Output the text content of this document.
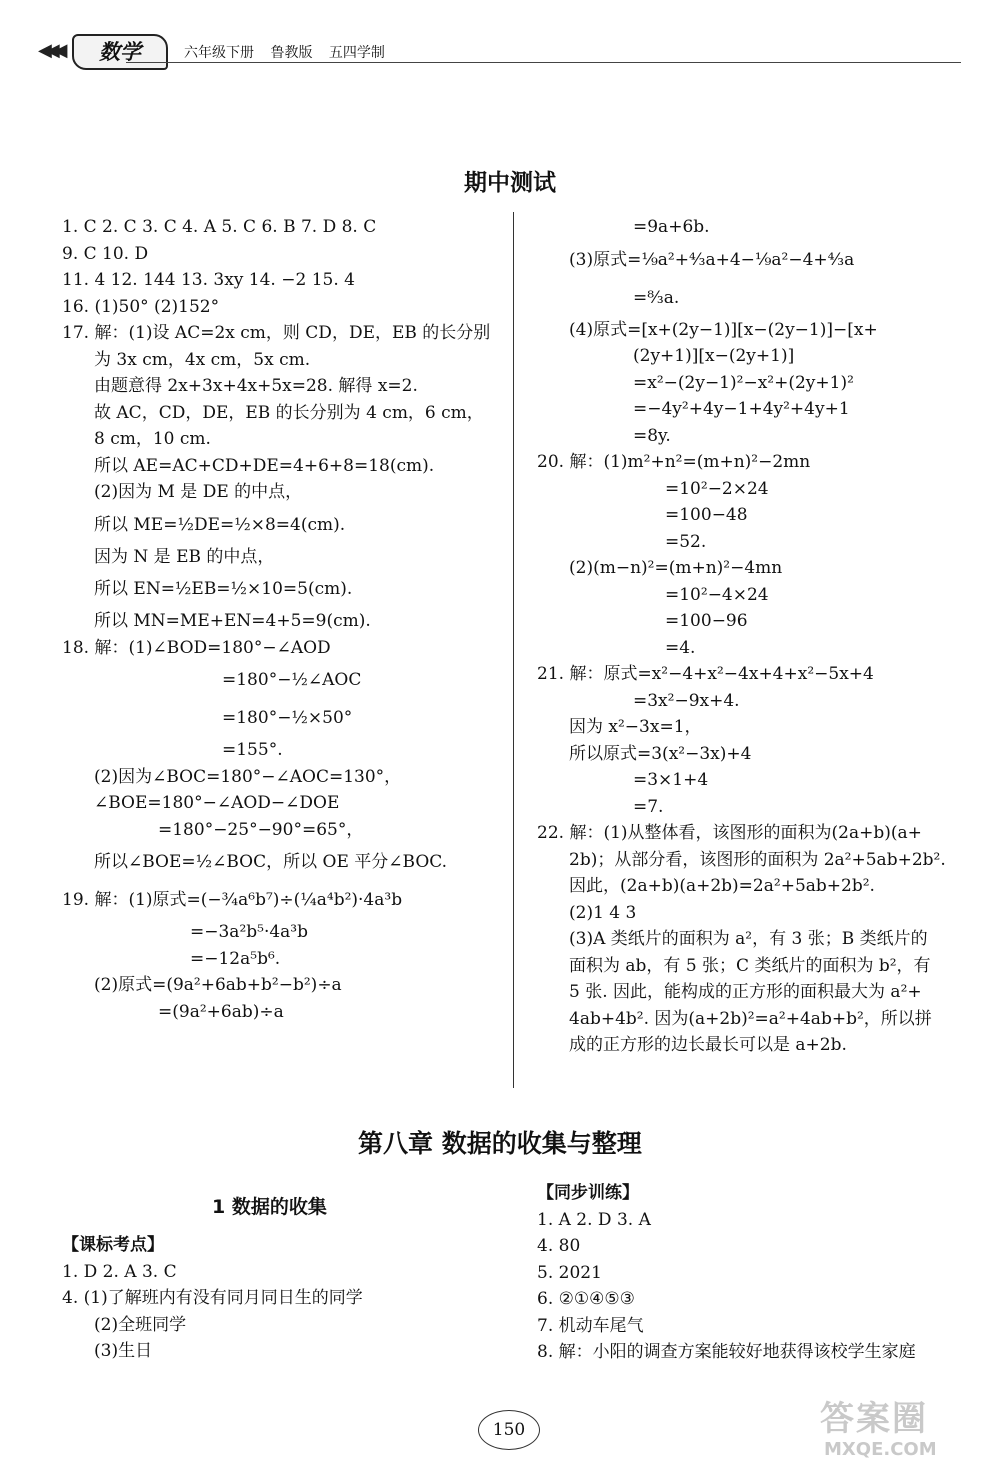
◀◀◀	数学	六年级下册 鲁教版 五四学制
期中测试
1. C 2. C 3. C 4. A 5. C 6. B 7. D 8. C
9. C 10. D
11. 4 12. 144 13. 3xy 14. −2 15. 4
16. (1)50° (2)152°
17. 解：(1)设 AC=2x cm，则 CD，DE，EB 的长分别
为 3x cm，4x cm，5x cm.
由题意得 2x+3x+4x+5x=28. 解得 x=2.
故 AC，CD，DE，EB 的长分别为 4 cm，6 cm，
8 cm，10 cm.
所以 AE=AC+CD+DE=4+6+8=18(cm).
(2)因为 M 是 DE 的中点，
所以 ME=½DE=½×8=4(cm).
因为 N 是 EB 的中点，
所以 EN=½EB=½×10=5(cm).
所以 MN=ME+EN=4+5=9(cm).
18. 解：(1)∠BOD=180°−∠AOD
=180°−½∠AOC
=180°−½×50°
=155°.
(2)因为∠BOC=180°−∠AOC=130°，
∠BOE=180°−∠AOD−∠DOE
=180°−25°−90°=65°，
所以∠BOE=½∠BOC，所以 OE 平分∠BOC.
19. 解：(1)原式=(−¾a⁶b⁷)÷(¼a⁴b²)·4a³b
=−3a²b⁵·4a³b
=−12a⁵b⁶.
(2)原式=(9a²+6ab+b²−b²)÷a
=(9a²+6ab)÷a
=9a+6b.
(3)原式=⅑a²+⁴⁄₃a+4−⅑a²−4+⁴⁄₃a
=⁸⁄₃a.
(4)原式=[x+(2y−1)][x−(2y−1)]−[x+
(2y+1)][x−(2y+1)]
=x²−(2y−1)²−x²+(2y+1)²
=−4y²+4y−1+4y²+4y+1
=8y.
20. 解：(1)m²+n²=(m+n)²−2mn
=10²−2×24
=100−48
=52.
(2)(m−n)²=(m+n)²−4mn
=10²−4×24
=100−96
=4.
21. 解：原式=x²−4+x²−4x+4+x²−5x+4
=3x²−9x+4.
因为 x²−3x=1，
所以原式=3(x²−3x)+4
=3×1+4
=7.
22. 解：(1)从整体看，该图形的面积为(2a+b)(a+
2b)；从部分看，该图形的面积为 2a²+5ab+2b².
因此，(2a+b)(a+2b)=2a²+5ab+2b².
(2)1 4 3
(3)A 类纸片的面积为 a²，有 3 张；B 类纸片的
面积为 ab，有 5 张；C 类纸片的面积为 b²，有
5 张. 因此，能构成的正方形的面积最大为 a²+
4ab+4b². 因为(a+2b)²=a²+4ab+b²，所以拼
成的正方形的边长最长可以是 a+2b.
第八章 数据的收集与整理
1 数据的收集
【课标考点】
1. D 2. A 3. C
4. (1)了解班内有没有同月同日生的同学
(2)全班同学
(3)生日
【同步训练】
1. A 2. D 3. A
4. 80
5. 2021
6. ②①④⑤③
7. 机动车尾气
8. 解：小阳的调查方案能较好地获得该校学生家庭
150	答案圈
MXQE.COM
